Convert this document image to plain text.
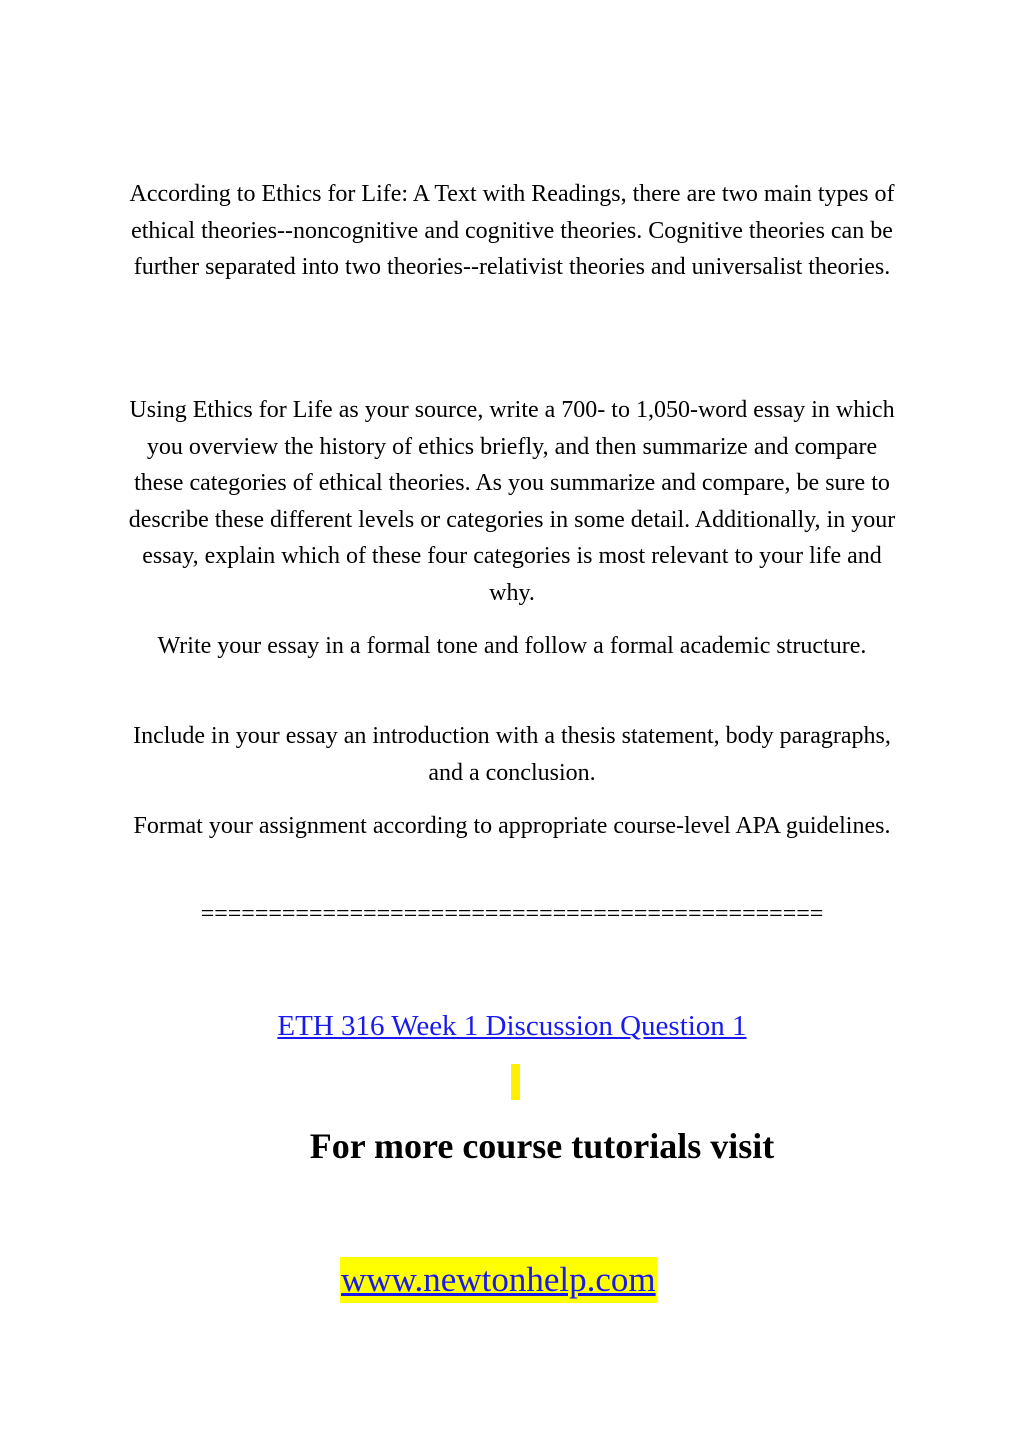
According to Ethics for Life: A Text with Readings, there are two main types of ethical theories--noncognitive and cognitive theories. Cognitive theories can be further separated into two theories--relativist theories and universalist theories.
Using Ethics for Life as your source, write a 700- to 1,050-word essay in which you overview the history of ethics briefly, and then summarize and compare these categories of ethical theories. As you summarize and compare, be sure to describe these different levels or categories in some detail. Additionally, in your essay, explain which of these four categories is most relevant to your life and why.
Write your essay in a formal tone and follow a formal academic structure.
Include in your essay an introduction with a thesis statement, body paragraphs, and a conclusion.
Format your assignment according to appropriate course-level APA guidelines.
==============================================
ETH 316 Week 1 Discussion Question 1
For more course tutorials visit
www.newtonhelp.com
